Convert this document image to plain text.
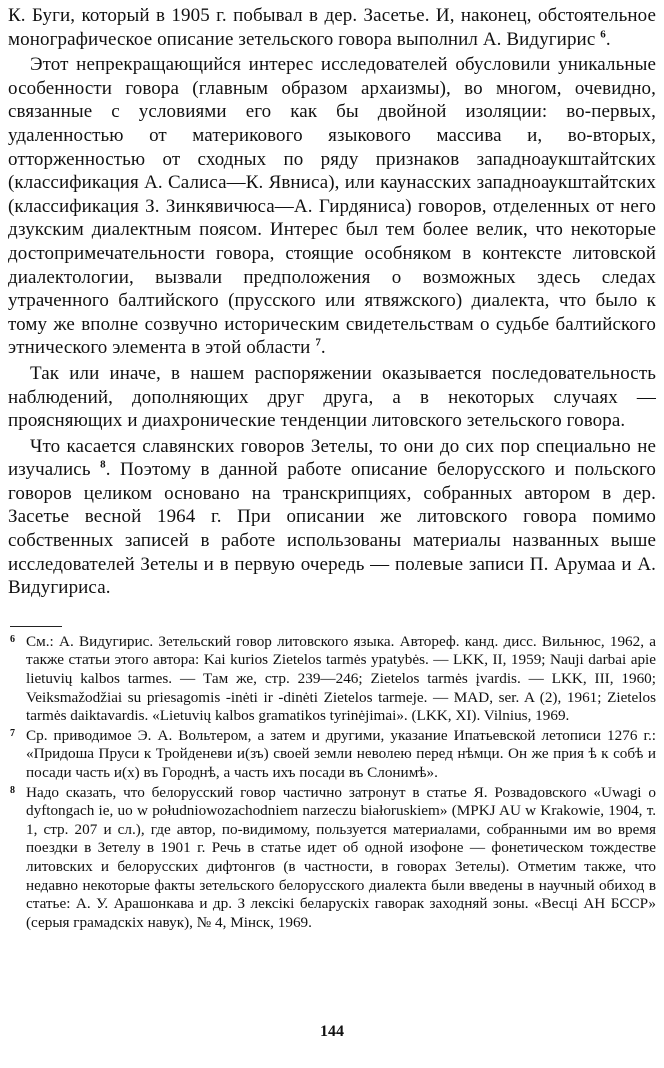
К. Буги, который в 1905 г. побывал в дер. Засетье. И, наконец, обстоятельное монографическое описание зетельского говора выполнил А. Видугирис $^6$.

Этот непрекращающийся интерес исследователей обусловили уникальные особенности говора (главным образом архаизмы), во многом, очевидно, связанные с условиями его как бы двойной изоляции: во-первых, удаленностью от материкового языкового массива и, во-вторых, отторженностью от сходных по ряду признаков западноаукштайтских (классификация А. Салиса—К. Явниса), или каунасских западноаукштайтских (классификация З. Зинкявичюса—А. Гирдяниса) говоров, отделенных от него дзукским диалектным поясом. Интерес был тем более велик, что некоторые достопримечательности говора, стоящие особняком в контексте литовской диалектологии, вызвали предположения о возможных здесь следах утраченного балтийского (прусского или ятвяжского) диалекта, что было к тому же вполне созвучно историческим свидетельствам о судьбе балтийского этнического элемента в этой области $^7$.

Так или иначе, в нашем распоряжении оказывается последовательность наблюдений, дополняющих друг друга, а в некоторых случаях — проясняющих и диахронические тенденции литовского зетельского говора.

Что касается славянских говоров Зетелы, то они до сих пор специально не изучались $^8$. Поэтому в данной работе описание белорусского и польского говоров целиком основано на транскрипциях, собранных автором в дер. Засетье весной 1964 г. При описании же литовского говора помимо собственных записей в работе использованы материалы названных выше исследователей Зетелы и в первую очередь — полевые записи П. Арумаа и А. Видугириса.

6 См.: А. Видугирис. Зетельский говор литовского языка. Автореф. канд. дисс. Вильнюс, 1962, а также статьи этого автора: Kai kurios Zietelos tarmės ypatybės. — LKK, II, 1959; Nauji darbai apie lietuvių kalbos tarmes. — Там же, стр. 239—246; Zietelos tarmės įvardis. — LKK, III, 1960; Veiksmažodžiai su priesagomis -inėti ir -dinėti Zietelos tarmeje. — MAD, ser. A (2), 1961; Zietelos tarmės daiktavardis. «Lietuvių kalbos gramatikos tyrinėjimai». (LKK, XI). Vilnius, 1969.
7 Ср. приводимое Э. А. Вольтером, а затем и другими, указание Ипатьевской летописи 1276 г.: «Придоша Пруси к Тройденеви и(зъ) своей земли неволею перед нѣмци. Он же прия ѣ к собѣ и посади часть и(х) въ Городнѣ, а часть ихъ посади въ Слонимѣ».
8 Надо сказать, что белорусский говор частично затронут в статье Я. Розвадовского «Uwagi o dyftongach ie, uo w południowozachodniem narzeczu białoruskiem» (MPKJ AU w Krakowie, 1904, т. 1, стр. 207 и сл.), где автор, по-видимому, пользуется материалами, собранными им во время поездки в Зетелу в 1901 г. Речь в статье идет об одной изофоне — фонетическом тождестве литовских и белорусских дифтонгов (в частности, в говорах Зетелы). Отметим также, что недавно некоторые факты зетельского белорусского диалекта были введены в научный обиход в статье: А. У. Арашонкава и др. З лексікі беларускіх гаворак заходняй зоны. «Весці АН БССР» (серыя грамадскіх навук), № 4, Мінск, 1969.
144
